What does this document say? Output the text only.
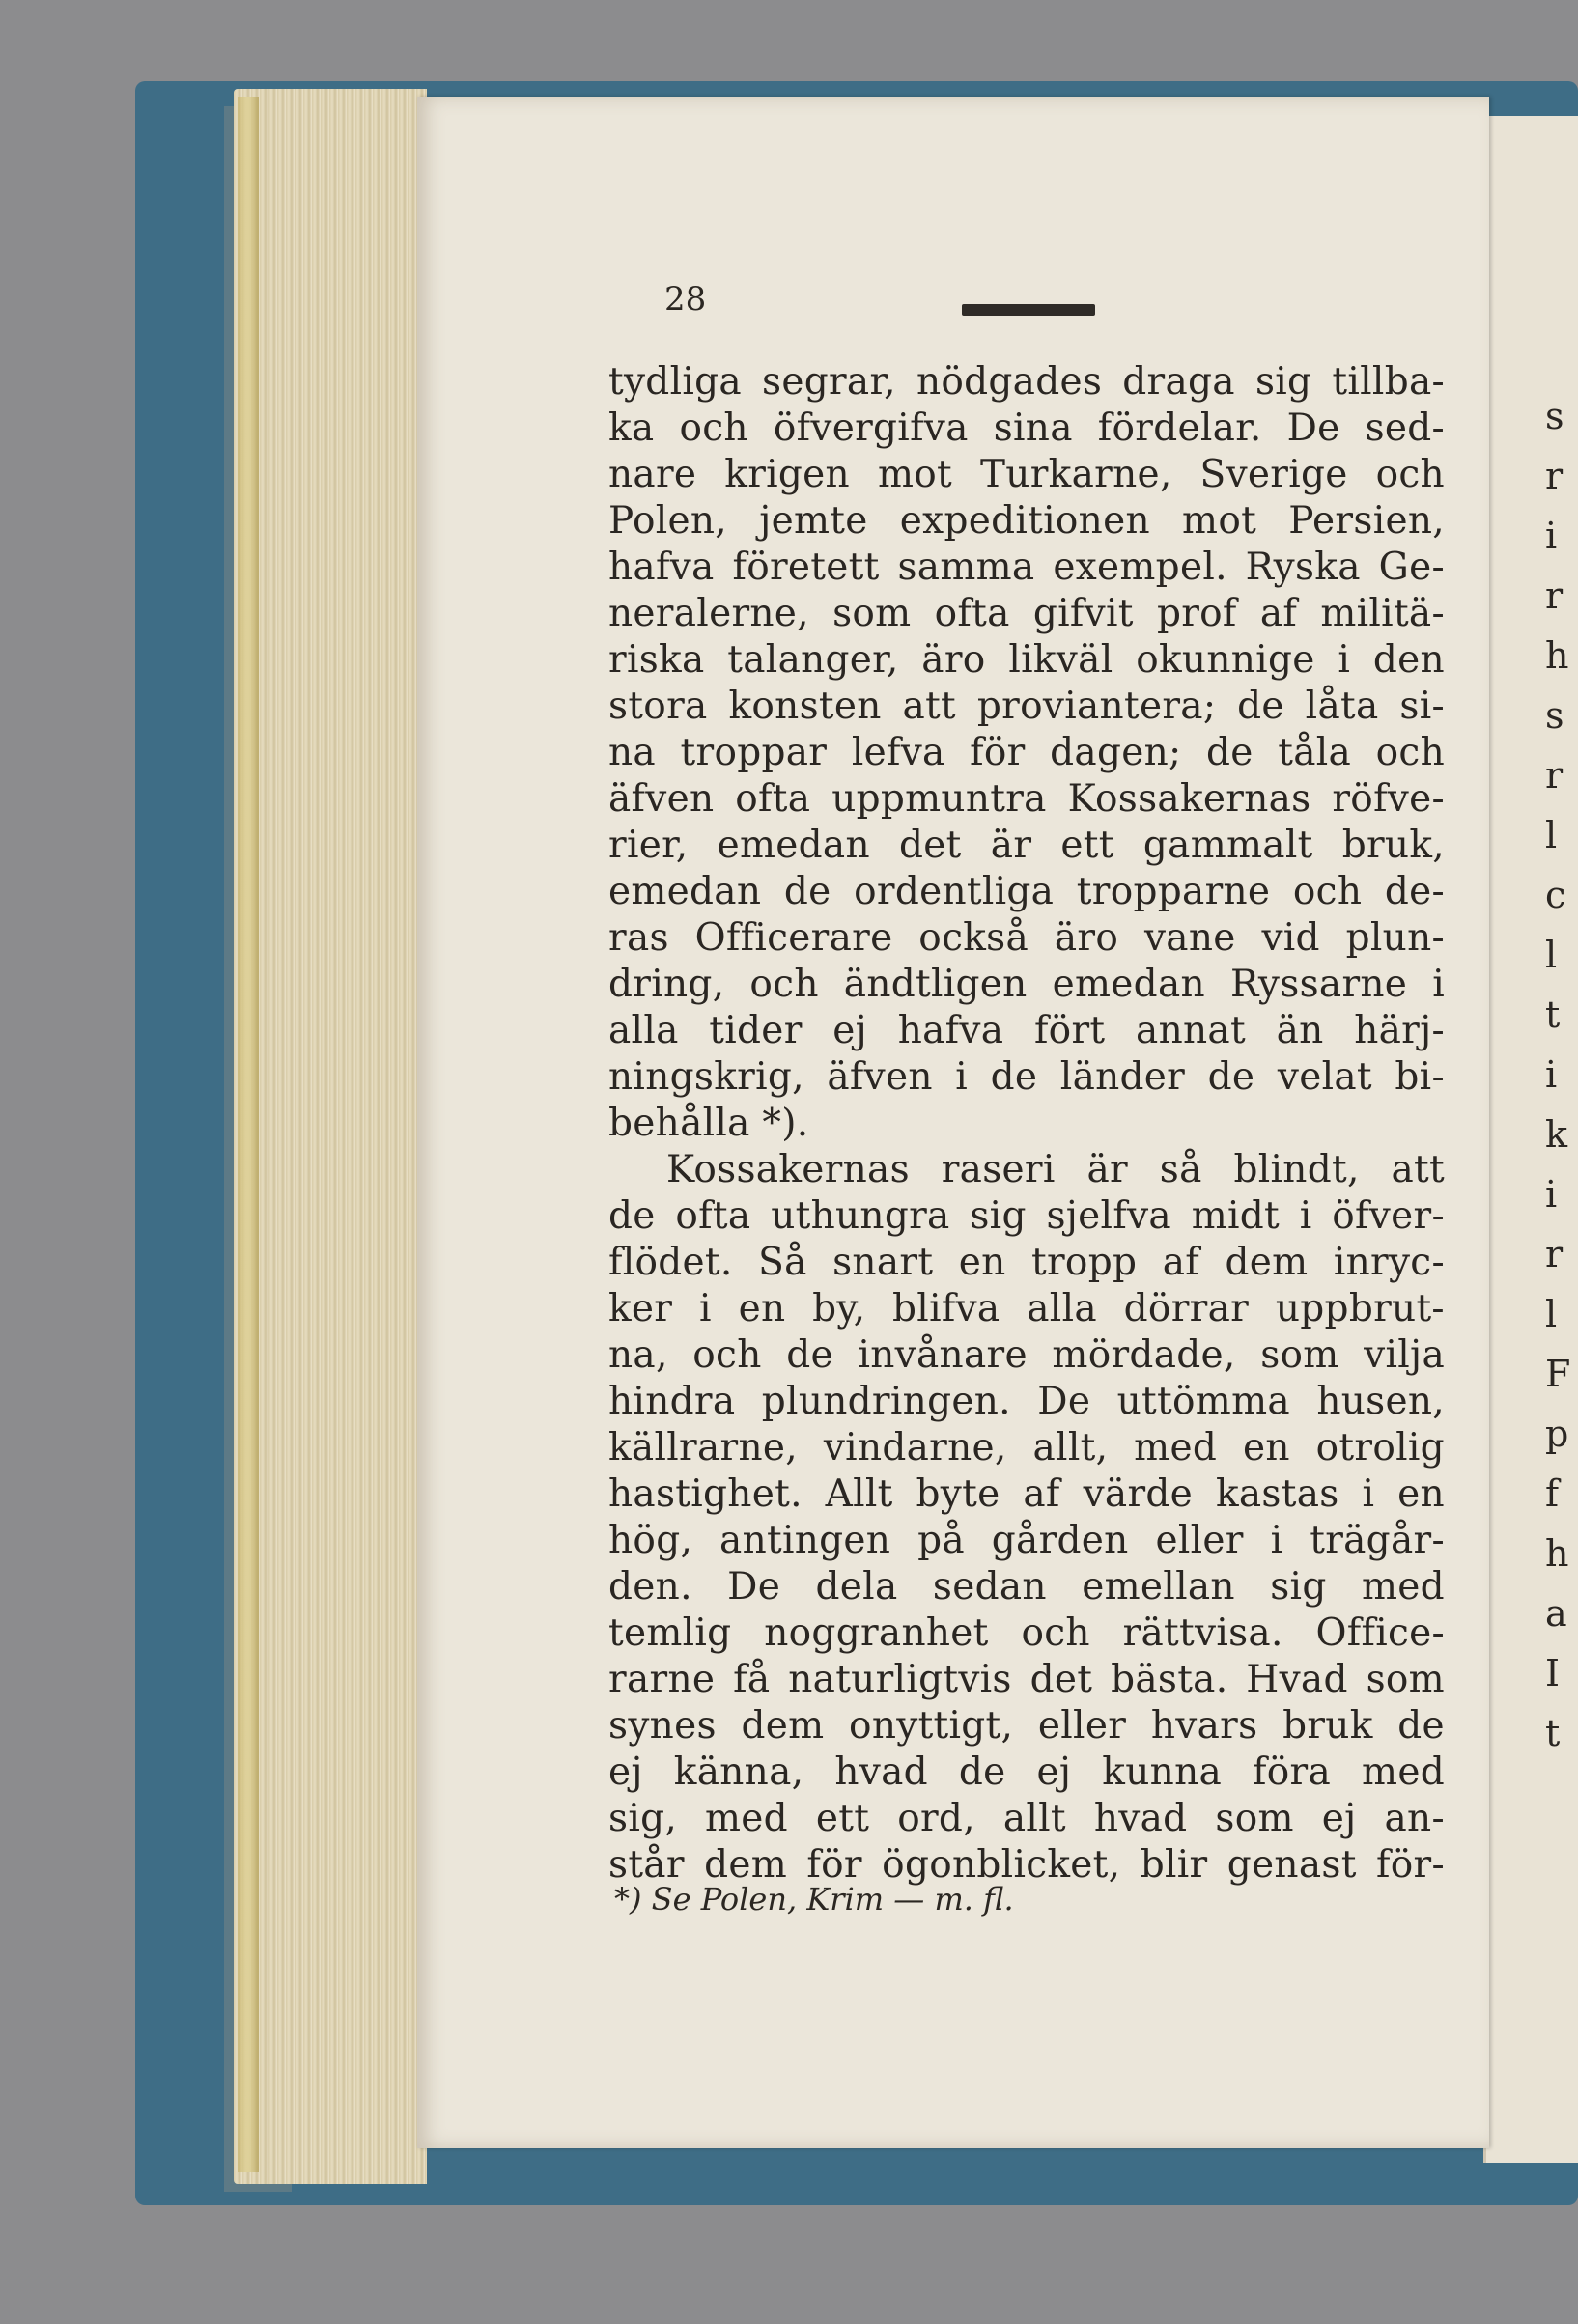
s
r
i
r
h
s
r
l
c
l
t
i
k
i
r
l
F
p
f
h
a
I
t
28
tydliga segrar, nödgades draga sig tillba-
ka och öfvergifva sina fördelar. De sed-
nare krigen mot Turkarne, Sverige och
Polen, jemte expeditionen mot Persien,
hafva företett samma exempel. Ryska Ge-
neralerne, som ofta gifvit prof af militä-
riska talanger, äro likväl okunnige i den
stora konsten att proviantera; de låta si-
na troppar lefva för dagen; de tåla och
äfven ofta uppmuntra Kossakernas röfve-
rier, emedan det är ett gammalt bruk,
emedan de ordentliga tropparne och de-
ras Officerare också äro vane vid plun-
dring, och ändtligen emedan Ryssarne i
alla tider ej hafva fört annat än härj-
ningskrig, äfven i de länder de velat bi-
behålla *).
Kossakernas raseri är så blindt, att
de ofta uthungra sig sjelfva midt i öfver-
flödet. Så snart en tropp af dem inryc-
ker i en by, blifva alla dörrar uppbrut-
na, och de invånare mördade, som vilja
hindra plundringen. De uttömma husen,
källrarne, vindarne, allt, med en otrolig
hastighet. Allt byte af värde kastas i en
hög, antingen på gården eller i trägår-
den. De dela sedan emellan sig med
temlig noggranhet och rättvisa. Office-
rarne få naturligtvis det bästa. Hvad som
synes dem onyttigt, eller hvars bruk de
ej känna, hvad de ej kunna föra med
sig, med ett ord, allt hvad som ej an-
står dem för ögonblicket, blir genast för-
*) Se Polen, Krim — m. fl.
